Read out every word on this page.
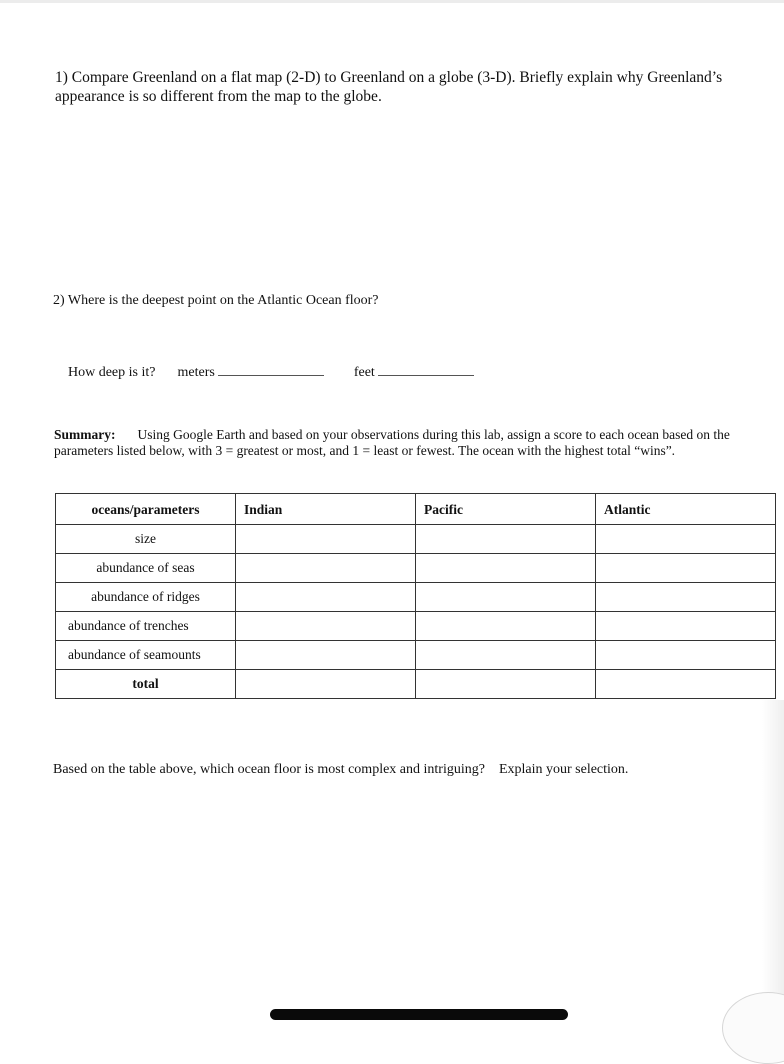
1) Compare Greenland on a flat map (2-D) to Greenland on a globe (3-D). Briefly explain why Greenland’s appearance is so different from the map to the globe.
2) Where is the deepest point on the Atlantic Ocean floor?
How deep is it? meters	feet
Summary: Using Google Earth and based on your observations during this lab, assign a score to each ocean based on the parameters listed below, with 3 = greatest or most, and 1 = least or fewest. The ocean with the highest total “wins”.
oceans/parameters	Indian	Pacific	Atlantic
size			
abundance of seas			
abundance of ridges			
abundance of trenches			
abundance of seamounts			
total			
Based on the table above, which ocean floor is most complex and intriguing? Explain your selection.
